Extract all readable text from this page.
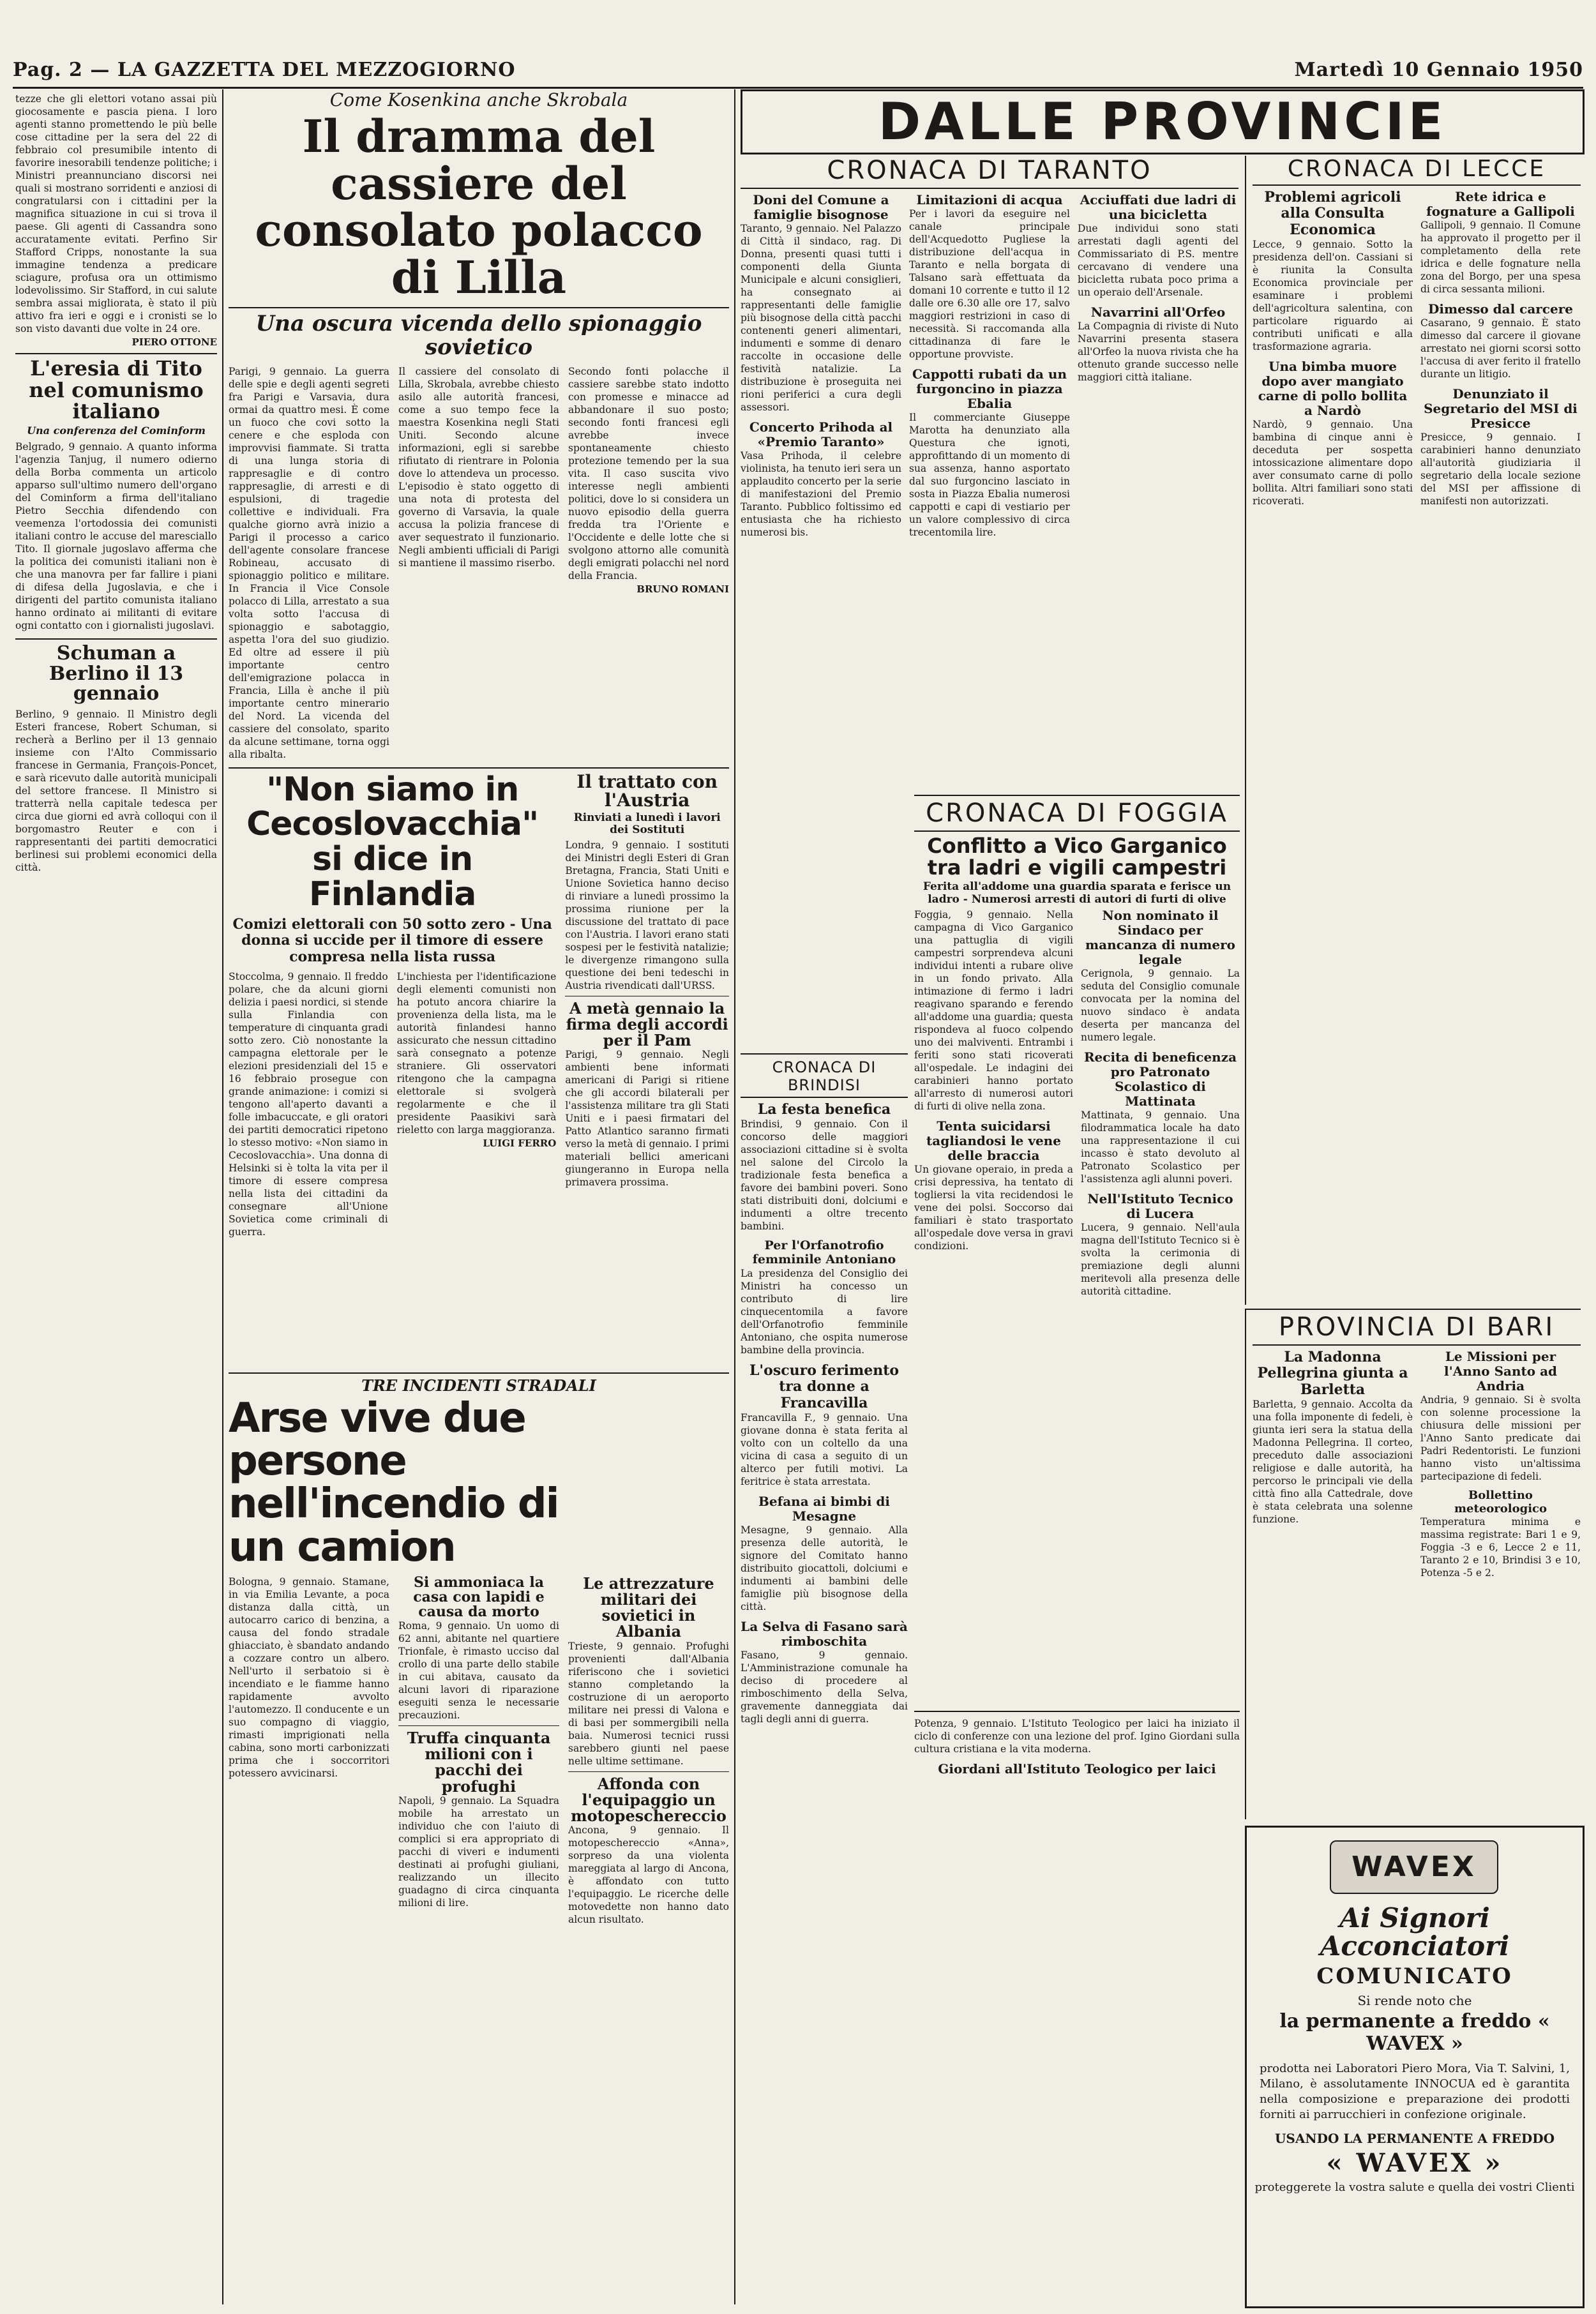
Pag. 2 — LA GAZZETTA DEL MEZZOGIORNO	Martedì 10 Gennaio 1950

tezze che gli elettori votano assai più giocosamente e pascia piena. I loro agenti stanno promettendo le più belle cose cittadine per la sera del 22 di febbraio col presumibile intento di favorire inesorabili tendenze politiche; i Ministri preannunciano discorsi nei quali si mostrano sorridenti e anziosi di congratularsi con i cittadini per la magnifica situazione in cui si trova il paese. Gli agenti di Cassandra sono accuratamente evitati. Perfino Sir Stafford Cripps, nonostante la sua immagine tendenza a predicare sciagure, profusa ora un ottimismo lodevolissimo. Sir Stafford, in cui salute sembra assai migliorata, è stato il più attivo fra ieri e oggi e i cronisti se lo son visto davanti due volte in 24 ore.

PIERO OTTONE

L'eresia di Tito nel comunismo italiano

Una conferenza del Cominform

Belgrado, 9 gennaio. A quanto informa l'agenzia Tanjug, il numero odierno della Borba commenta un articolo apparso sull'ultimo numero dell'organo del Cominform a firma dell'italiano Pietro Secchia difendendo con veemenza l'ortodossia dei comunisti italiani contro le accuse del maresciallo Tito. Il giornale jugoslavo afferma che la politica dei comunisti italiani non è che una manovra per far fallire i piani di difesa della Jugoslavia, e che i dirigenti del partito comunista italiano hanno ordinato ai militanti di evitare ogni contatto con i giornalisti jugoslavi.

Schuman a Berlino il 13 gennaio

Berlino, 9 gennaio. Il Ministro degli Esteri francese, Robert Schuman, si recherà a Berlino per il 13 gennaio insieme con l'Alto Commissario francese in Germania, François-Poncet, e sarà ricevuto dalle autorità municipali del settore francese. Il Ministro si tratterrà nella capitale tedesca per circa due giorni ed avrà colloqui con il borgomastro Reuter e con i rappresentanti dei partiti democratici berlinesi sui problemi economici della città.

Come Kosenkina anche Skrobala

Il dramma del cassiere del consolato polacco di Lilla

Una oscura vicenda dello spionaggio sovietico

Parigi, 9 gennaio. La guerra delle spie e degli agenti segreti fra Parigi e Varsavia, dura ormai da quattro mesi. È come un fuoco che covi sotto la cenere e che esploda con improvvisi fiammate. Si tratta di una lunga storia di rappresaglie e di contro rappresaglie, di arresti e di espulsioni, di tragedie collettive e individuali. Fra qualche giorno avrà inizio a Parigi il processo a carico dell'agente consolare francese Robineau, accusato di spionaggio politico e militare. In Francia il Vice Console polacco di Lilla, arrestato a sua volta sotto l'accusa di spionaggio e sabotaggio, aspetta l'ora del suo giudizio. Ed oltre ad essere il più importante centro dell'emigrazione polacca in Francia, Lilla è anche il più importante centro minerario del Nord. La vicenda del cassiere del consolato, sparito da alcune settimane, torna oggi alla ribalta.

Il cassiere del consolato di Lilla, Skrobala, avrebbe chiesto asilo alle autorità francesi, come a suo tempo fece la maestra Kosenkina negli Stati Uniti. Secondo alcune informazioni, egli si sarebbe rifiutato di rientrare in Polonia dove lo attendeva un processo. L'episodio è stato oggetto di una nota di protesta del governo di Varsavia, la quale accusa la polizia francese di aver sequestrato il funzionario. Negli ambienti ufficiali di Parigi si mantiene il massimo riserbo.

Secondo fonti polacche il cassiere sarebbe stato indotto con promesse e minacce ad abbandonare il suo posto; secondo fonti francesi egli avrebbe invece spontaneamente chiesto protezione temendo per la sua vita. Il caso suscita vivo interesse negli ambienti politici, dove lo si considera un nuovo episodio della guerra fredda tra l'Oriente e l'Occidente e delle lotte che si svolgono attorno alle comunità degli emigrati polacchi nel nord della Francia.

BRUNO ROMANI

"Non siamo in Cecoslovacchia" si dice in Finlandia

Comizi elettorali con 50 sotto zero - Una donna si uccide per il timore di essere compresa nella lista russa

Stoccolma, 9 gennaio. Il freddo polare, che da alcuni giorni delizia i paesi nordici, si stende sulla Finlandia con temperature di cinquanta gradi sotto zero. Ciò nonostante la campagna elettorale per le elezioni presidenziali del 15 e 16 febbraio prosegue con grande animazione: i comizi si tengono all'aperto davanti a folle imbacuccate, e gli oratori dei partiti democratici ripetono lo stesso motivo: «Non siamo in Cecoslovacchia». Una donna di Helsinki si è tolta la vita per il timore di essere compresa nella lista dei cittadini da consegnare all'Unione Sovietica come criminali di guerra.

L'inchiesta per l'identificazione degli elementi comunisti non ha potuto ancora chiarire la provenienza della lista, ma le autorità finlandesi hanno assicurato che nessun cittadino sarà consegnato a potenze straniere. Gli osservatori ritengono che la campagna elettorale si svolgerà regolarmente e che il presidente Paasikivi sarà rieletto con larga maggioranza.

LUIGI FERRO

Il trattato con l'Austria

Rinviati a lunedì i lavori dei Sostituti

Londra, 9 gennaio. I sostituti dei Ministri degli Esteri di Gran Bretagna, Francia, Stati Uniti e Unione Sovietica hanno deciso di rinviare a lunedì prossimo la prossima riunione per la discussione del trattato di pace con l'Austria. I lavori erano stati sospesi per le festività natalizie; le divergenze rimangono sulla questione dei beni tedeschi in Austria rivendicati dall'URSS.

A metà gennaio la firma degli accordi per il Pam

Parigi, 9 gennaio. Negli ambienti bene informati americani di Parigi si ritiene che gli accordi bilaterali per l'assistenza militare tra gli Stati Uniti e i paesi firmatari del Patto Atlantico saranno firmati verso la metà di gennaio. I primi materiali bellici americani giungeranno in Europa nella primavera prossima.

TRE INCIDENTI STRADALI

Arse vive due persone nell'incendio di un camion

Bologna, 9 gennaio. Stamane, in via Emilia Levante, a poca distanza dalla città, un autocarro carico di benzina, a causa del fondo stradale ghiacciato, è sbandato andando a cozzare contro un albero. Nell'urto il serbatoio si è incendiato e le fiamme hanno rapidamente avvolto l'automezzo. Il conducente e un suo compagno di viaggio, rimasti imprigionati nella cabina, sono morti carbonizzati prima che i soccorritori potessero avvicinarsi.

Si ammoniaca la casa con lapidi e causa da morto

Roma, 9 gennaio. Un uomo di 62 anni, abitante nel quartiere Trionfale, è rimasto ucciso dal crollo di una parte dello stabile in cui abitava, causato da alcuni lavori di riparazione eseguiti senza le necessarie precauzioni.

Truffa cinquanta milioni con i pacchi dei profughi

Napoli, 9 gennaio. La Squadra mobile ha arrestato un individuo che con l'aiuto di complici si era appropriato di pacchi di viveri e indumenti destinati ai profughi giuliani, realizzando un illecito guadagno di circa cinquanta milioni di lire.

Le attrezzature militari dei sovietici in Albania

Trieste, 9 gennaio. Profughi provenienti dall'Albania riferiscono che i sovietici stanno completando la costruzione di un aeroporto militare nei pressi di Valona e di basi per sommergibili nella baia. Numerosi tecnici russi sarebbero giunti nel paese nelle ultime settimane.

Affonda con l'equipaggio un motopeschereccio

Ancona, 9 gennaio. Il motopeschereccio «Anna», sorpreso da una violenta mareggiata al largo di Ancona, è affondato con tutto l'equipaggio. Le ricerche delle motovedette non hanno dato alcun risultato.

DALLE PROVINCIE

CRONACA DI TARANTO

Doni del Comune a famiglie bisognose

Taranto, 9 gennaio. Nel Palazzo di Città il sindaco, rag. Di Donna, presenti quasi tutti i componenti della Giunta Municipale e alcuni consiglieri, ha consegnato ai rappresentanti delle famiglie più bisognose della città pacchi contenenti generi alimentari, indumenti e somme di denaro raccolte in occasione delle festività natalizie. La distribuzione è proseguita nei rioni periferici a cura degli assessori.

Concerto Prihoda al «Premio Taranto»

Vasa Prihoda, il celebre violinista, ha tenuto ieri sera un applaudito concerto per la serie di manifestazioni del Premio Taranto. Pubblico foltissimo ed entusiasta che ha richiesto numerosi bis.

Limitazioni di acqua

Per i lavori da eseguire nel canale principale dell'Acquedotto Pugliese la distribuzione dell'acqua in Taranto e nella borgata di Talsano sarà effettuata da domani 10 corrente e tutto il 12 dalle ore 6.30 alle ore 17, salvo maggiori restrizioni in caso di necessità. Si raccomanda alla cittadinanza di fare le opportune provviste.

Cappotti rubati da un furgoncino in piazza Ebalia

Il commerciante Giuseppe Marotta ha denunziato alla Questura che ignoti, approfittando di un momento di sua assenza, hanno asportato dal suo furgoncino lasciato in sosta in Piazza Ebalia numerosi cappotti e capi di vestiario per un valore complessivo di circa trecentomila lire.

Acciuffati due ladri di una bicicletta

Due individui sono stati arrestati dagli agenti del Commissariato di P.S. mentre cercavano di vendere una bicicletta rubata poco prima a un operaio dell'Arsenale.

Navarrini all'Orfeo

La Compagnia di riviste di Nuto Navarrini presenta stasera all'Orfeo la nuova rivista che ha ottenuto grande successo nelle maggiori città italiane.

CRONACA DI LECCE

Problemi agricoli alla Consulta Economica

Lecce, 9 gennaio. Sotto la presidenza dell'on. Cassiani si è riunita la Consulta Economica provinciale per esaminare i problemi dell'agricoltura salentina, con particolare riguardo ai contributi unificati e alla trasformazione agraria.

Una bimba muore dopo aver mangiato carne di pollo bollita a Nardò

Nardò, 9 gennaio. Una bambina di cinque anni è deceduta per sospetta intossicazione alimentare dopo aver consumato carne di pollo bollita. Altri familiari sono stati ricoverati.

Rete idrica e fognature a Gallipoli

Gallipoli, 9 gennaio. Il Comune ha approvato il progetto per il completamento della rete idrica e delle fognature nella zona del Borgo, per una spesa di circa sessanta milioni.

Dimesso dal carcere

Casarano, 9 gennaio. È stato dimesso dal carcere il giovane arrestato nei giorni scorsi sotto l'accusa di aver ferito il fratello durante un litigio.

Denunziato il Segretario del MSI di Presicce

Presicce, 9 gennaio. I carabinieri hanno denunziato all'autorità giudiziaria il segretario della locale sezione del MSI per affissione di manifesti non autorizzati.

CRONACA DI FOGGIA

Conflitto a Vico Garganico tra ladri e vigili campestri

Ferita all'addome una guardia sparata e ferisce un ladro - Numerosi arresti di autori di furti di olive

Foggia, 9 gennaio. Nella campagna di Vico Garganico una pattuglia di vigili campestri sorprendeva alcuni individui intenti a rubare olive in un fondo privato. Alla intimazione di fermo i ladri reagivano sparando e ferendo all'addome una guardia; questa rispondeva al fuoco colpendo uno dei malviventi. Entrambi i feriti sono stati ricoverati all'ospedale. Le indagini dei carabinieri hanno portato all'arresto di numerosi autori di furti di olive nella zona.

Tenta suicidarsi tagliandosi le vene delle braccia

Un giovane operaio, in preda a crisi depressiva, ha tentato di togliersi la vita recidendosi le vene dei polsi. Soccorso dai familiari è stato trasportato all'ospedale dove versa in gravi condizioni.

Non nominato il Sindaco per mancanza di numero legale

Cerignola, 9 gennaio. La seduta del Consiglio comunale convocata per la nomina del nuovo sindaco è andata deserta per mancanza del numero legale.

Recita di beneficenza pro Patronato Scolastico di Mattinata

Mattinata, 9 gennaio. Una filodrammatica locale ha dato una rappresentazione il cui incasso è stato devoluto al Patronato Scolastico per l'assistenza agli alunni poveri.

Nell'Istituto Tecnico di Lucera

Lucera, 9 gennaio. Nell'aula magna dell'Istituto Tecnico si è svolta la cerimonia di premiazione degli alunni meritevoli alla presenza delle autorità cittadine.

CRONACA DI BRINDISI

La festa benefica

Brindisi, 9 gennaio. Con il concorso delle maggiori associazioni cittadine si è svolta nel salone del Circolo la tradizionale festa benefica a favore dei bambini poveri. Sono stati distribuiti doni, dolciumi e indumenti a oltre trecento bambini.

Per l'Orfanotrofio femminile Antoniano

La presidenza del Consiglio dei Ministri ha concesso un contributo di lire cinquecentomila a favore dell'Orfanotrofio femminile Antoniano, che ospita numerose bambine della provincia.

L'oscuro ferimento tra donne a Francavilla

Francavilla F., 9 gennaio. Una giovane donna è stata ferita al volto con un coltello da una vicina di casa a seguito di un alterco per futili motivi. La feritrice è stata arrestata.

Befana ai bimbi di Mesagne

Mesagne, 9 gennaio. Alla presenza delle autorità, le signore del Comitato hanno distribuito giocattoli, dolciumi e indumenti ai bambini delle famiglie più bisognose della città.

La Selva di Fasano sarà rimboschita

Fasano, 9 gennaio. L'Amministrazione comunale ha deciso di procedere al rimboschimento della Selva, gravemente danneggiata dai tagli degli anni di guerra.

PROVINCIA DI BARI

La Madonna Pellegrina giunta a Barletta

Barletta, 9 gennaio. Accolta da una folla imponente di fedeli, è giunta ieri sera la statua della Madonna Pellegrina. Il corteo, preceduto dalle associazioni religiose e dalle autorità, ha percorso le principali vie della città fino alla Cattedrale, dove è stata celebrata una solenne funzione.

Le Missioni per l'Anno Santo ad Andria

Andria, 9 gennaio. Si è svolta con solenne processione la chiusura delle missioni per l'Anno Santo predicate dai Padri Redentoristi. Le funzioni hanno visto un'altissima partecipazione di fedeli.

Bollettino meteorologico

Temperatura minima e massima registrate: Bari 1 e 9, Foggia -3 e 6, Lecce 2 e 11, Taranto 2 e 10, Brindisi 3 e 10, Potenza -5 e 2.

WAVEX

Ai Signori Acconciatori

COMUNICATO

Si rende noto che

la permanente a freddo « WAVEX »

prodotta nei Laboratori Piero Mora, Via T. Salvini, 1, Milano, è assolutamente INNOCUA ed è garantita nella composizione e preparazione dei prodotti forniti ai parrucchieri in confezione originale.

USANDO LA PERMANENTE A FREDDO

« WAVEX »

proteggerete la vostra salute e quella dei vostri Clienti

Potenza, 9 gennaio. L'Istituto Teologico per laici ha iniziato il ciclo di conferenze con una lezione del prof. Igino Giordani sulla cultura cristiana e la vita moderna.

Giordani all'Istituto Teologico per laici
